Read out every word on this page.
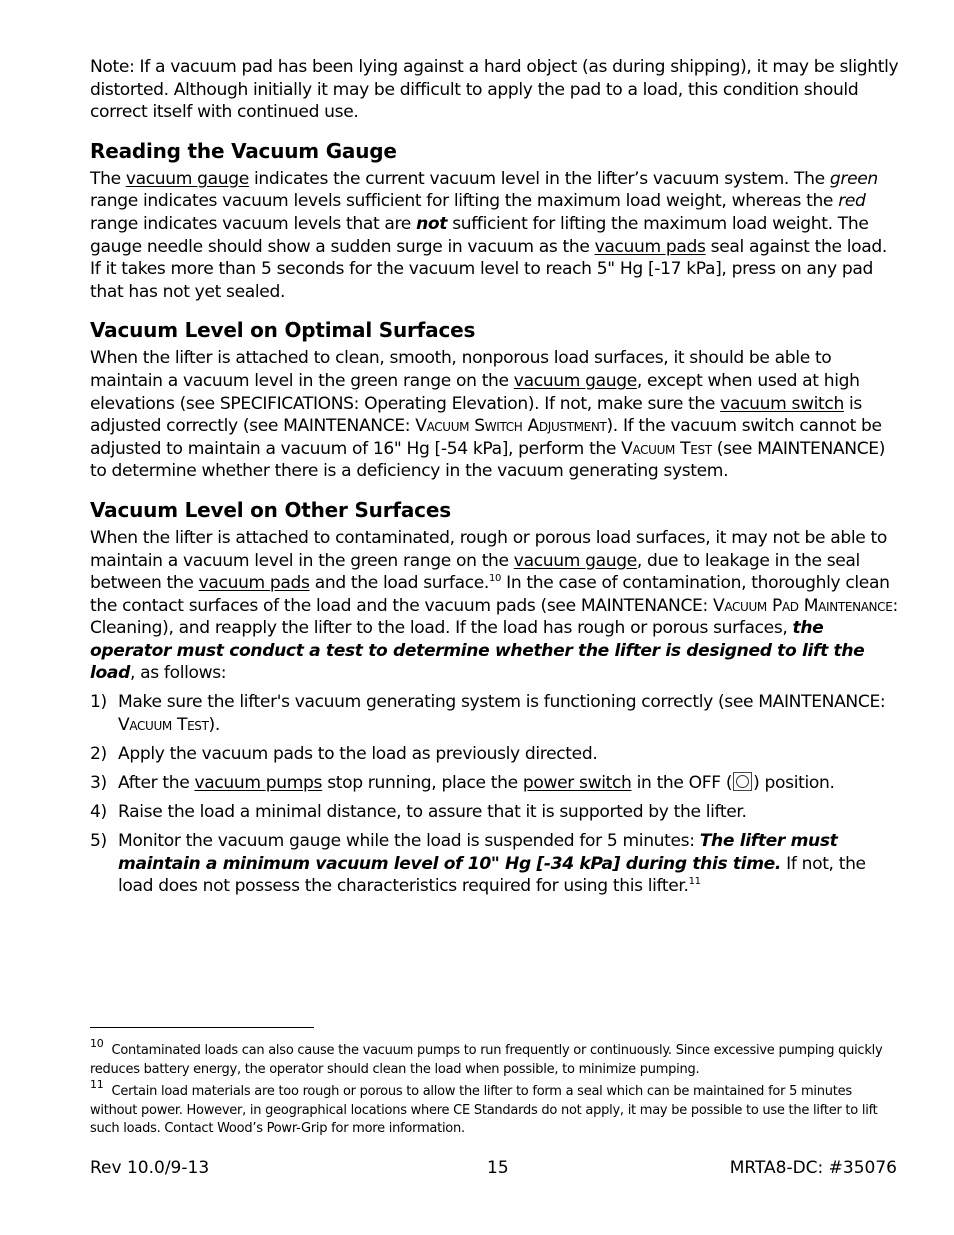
Note: If a vacuum pad has been lying against a hard object (as during shipping), it may be slightly distorted. Although initially it may be difficult to apply the pad to a load, this condition should correct itself with continued use.

Reading the Vacuum Gauge

The vacuum gauge indicates the current vacuum level in the lifter’s vacuum system. The green range indicates vacuum levels sufficient for lifting the maximum load weight, whereas the red range indicates vacuum levels that are not sufficient for lifting the maximum load weight. The gauge needle should show a sudden surge in vacuum as the vacuum pads seal against the load. If it takes more than 5 seconds for the vacuum level to reach 5" Hg [-17 kPa], press on any pad that has not yet sealed.

Vacuum Level on Optimal Surfaces

When the lifter is attached to clean, smooth, nonporous load surfaces, it should be able to maintain a vacuum level in the green range on the vacuum gauge, except when used at high elevations (see SPECIFICATIONS: Operating Elevation). If not, make sure the vacuum switch is adjusted correctly (see MAINTENANCE: Vacuum Switch Adjustment). If the vacuum switch cannot be adjusted to maintain a vacuum of 16" Hg [-54 kPa], perform the Vacuum Test (see MAINTENANCE) to determine whether there is a deficiency in the vacuum generating system.

Vacuum Level on Other Surfaces

When the lifter is attached to contaminated, rough or porous load surfaces, it may not be able to maintain a vacuum level in the green range on the vacuum gauge, due to leakage in the seal between the vacuum pads and the load surface.$^{10}$ In the case of contamination, thoroughly clean the contact surfaces of the load and the vacuum pads (see MAINTENANCE: Vacuum Pad Maintenance: Cleaning), and reapply the lifter to the load. If the load has rough or porous surfaces, the operator must conduct a test to determine whether the lifter is designed to lift the load, as follows:

1) Make sure the lifter's vacuum generating system is functioning correctly (see MAINTENANCE: Vacuum Test).
2) Apply the vacuum pads to the load as previously directed.
3) After the vacuum pumps stop running, place the power switch in the OFF ( ) position.
4) Raise the load a minimal distance, to assure that it is supported by the lifter.
5) Monitor the vacuum gauge while the load is suspended for 5 minutes: The lifter must maintain a minimum vacuum level of 10" Hg [-34 kPa] during this time. If not, the load does not possess the characteristics required for using this lifter.$^{11}$

$^{10}$ Contaminated loads can also cause the vacuum pumps to run frequently or continuously. Since excessive pumping quickly reduces battery energy, the operator should clean the load when possible, to minimize pumping.

$^{11}$ Certain load materials are too rough or porous to allow the lifter to form a seal which can be maintained for 5 minutes without power. However, in geographical locations where CE Standards do not apply, it may be possible to use the lifter to lift such loads. Contact Wood’s Powr-Grip for more information.

Rev 10.0/9-13	15	MRTA8-DC: #35076
